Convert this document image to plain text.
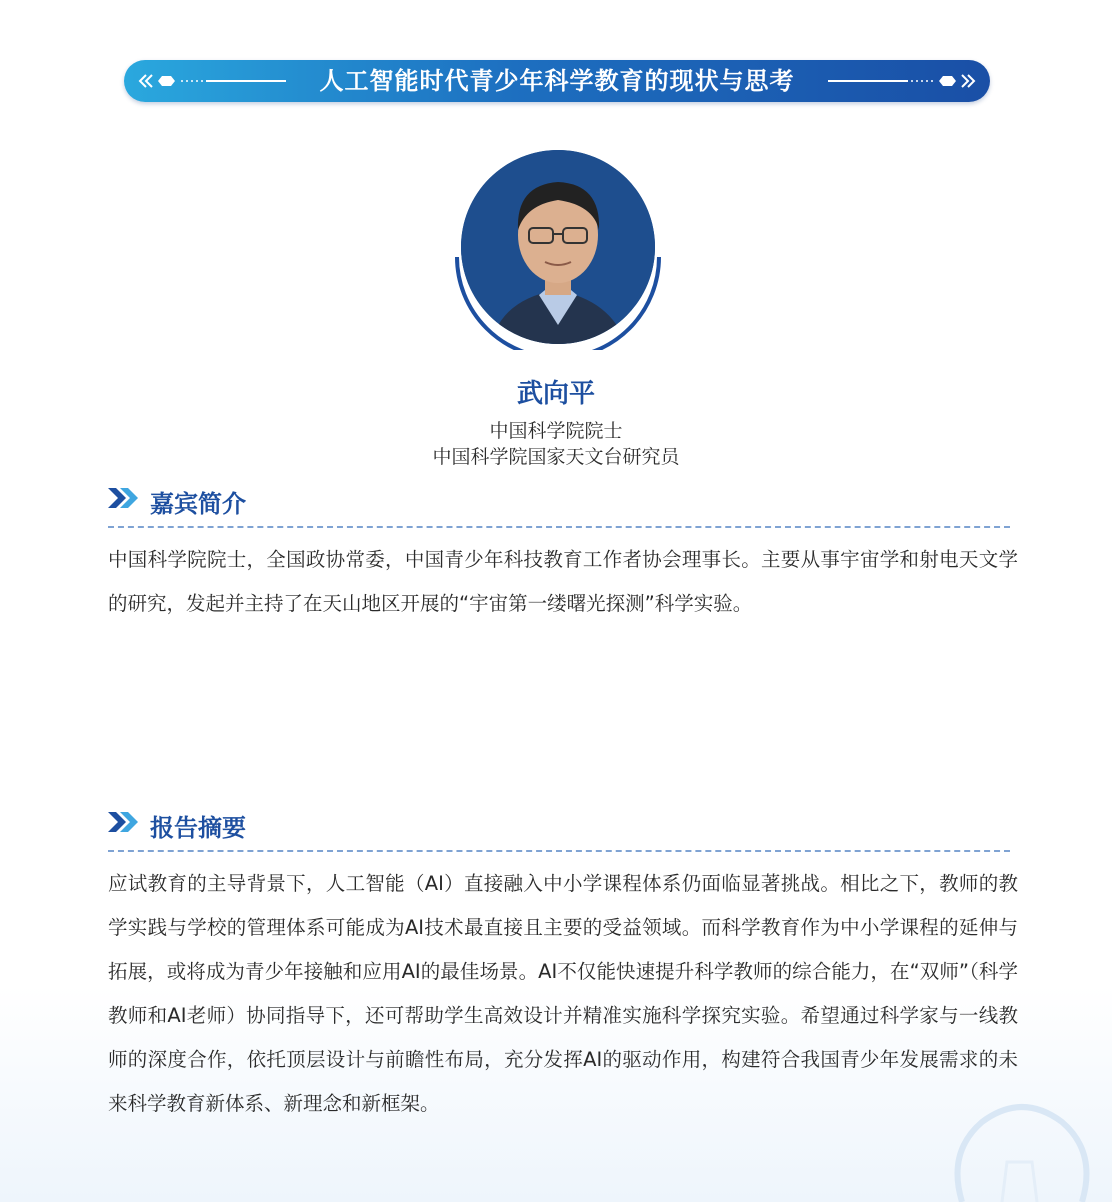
人工智能时代青少年科学教育的现状与思考
武向平
中国科学院院士
中国科学院国家天文台研究员
嘉宾简介
中国科学院院士，全国政协常委，中国青少年科技教育工作者协会理事长。主要从事宇宙学和射电天文学的研究，发起并主持了在天山地区开展的“宇宙第一缕曙光探测”科学实验。
报告摘要
应试教育的主导背景下，人工智能（AI）直接融入中小学课程体系仍面临显著挑战。相比之下，教师的教学实践与学校的管理体系可能成为AI技术最直接且主要的受益领域。而科学教育作为中小学课程的延伸与拓展，或将成为青少年接触和应用AI的最佳场景。AI不仅能快速提升科学教师的综合能力，在“双师”（科学教师和AI老师）协同指导下，还可帮助学生高效设计并精准实施科学探究实验。希望通过科学家与一线教师的深度合作，依托顶层设计与前瞻性布局，充分发挥AI的驱动作用，构建符合我国青少年发展需求的未来科学教育新体系、新理念和新框架。
